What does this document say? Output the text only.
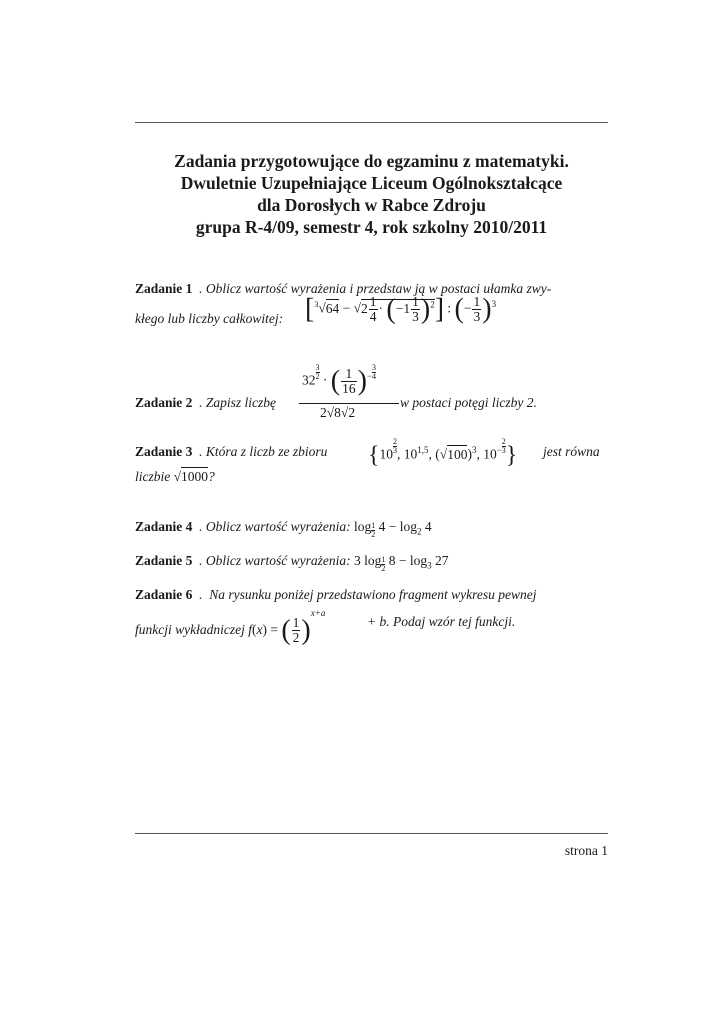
Zadania przygotowujące do egzaminu z matematyki.
Dwuletnie Uzupełniające Liceum Ogólnokształcące
dla Dorosłych w Rabce Zdroju
grupa R-4/09, semestr 4, rok szkolny 2010/2011
Zadanie 1  . Oblicz wartość wyrażenia i przedstaw ją w postaci ułamka zwy-
kłego lub liczby całkowitej: $[^3√64 - √2 \frac{1}{4} \cdot (-1 \frac{1}{3} )^2]$ : (− $\frac{1}{3} )^3$
$32 \frac{3}{2}$ · ( $\frac{1}{16} )^{- \frac{3}{4}}$
2√8√2
Zadanie 2  . Zapisz liczbę	w postaci potęgi liczby 2.
Zadanie 3  . Która z liczb ze zbioru {$10 \frac{2}{3}$ , 10$^{1,5}$, $(√100)^3$, $10^{- \frac{2}{3}}$ } jest równa
liczbie √1000?
Zadanie 4  . Oblicz wartość wyrażenia: log $_{\frac{1}{2}}$ $4 - \log_2 4$
Zadanie 5  . Oblicz wartość wyrażenia: 3 log $_{\frac{1}{2}}$ $8 - \log_3 27$
Zadanie 6  .  Na rysunku poniżej przedstawiono fragment wykresu pewnej
funkcji wykładniczej f(x) = ( $\frac{1}{2} )^{x+a}$
+ b. Podaj wzór tej funkcji.
strona 1
